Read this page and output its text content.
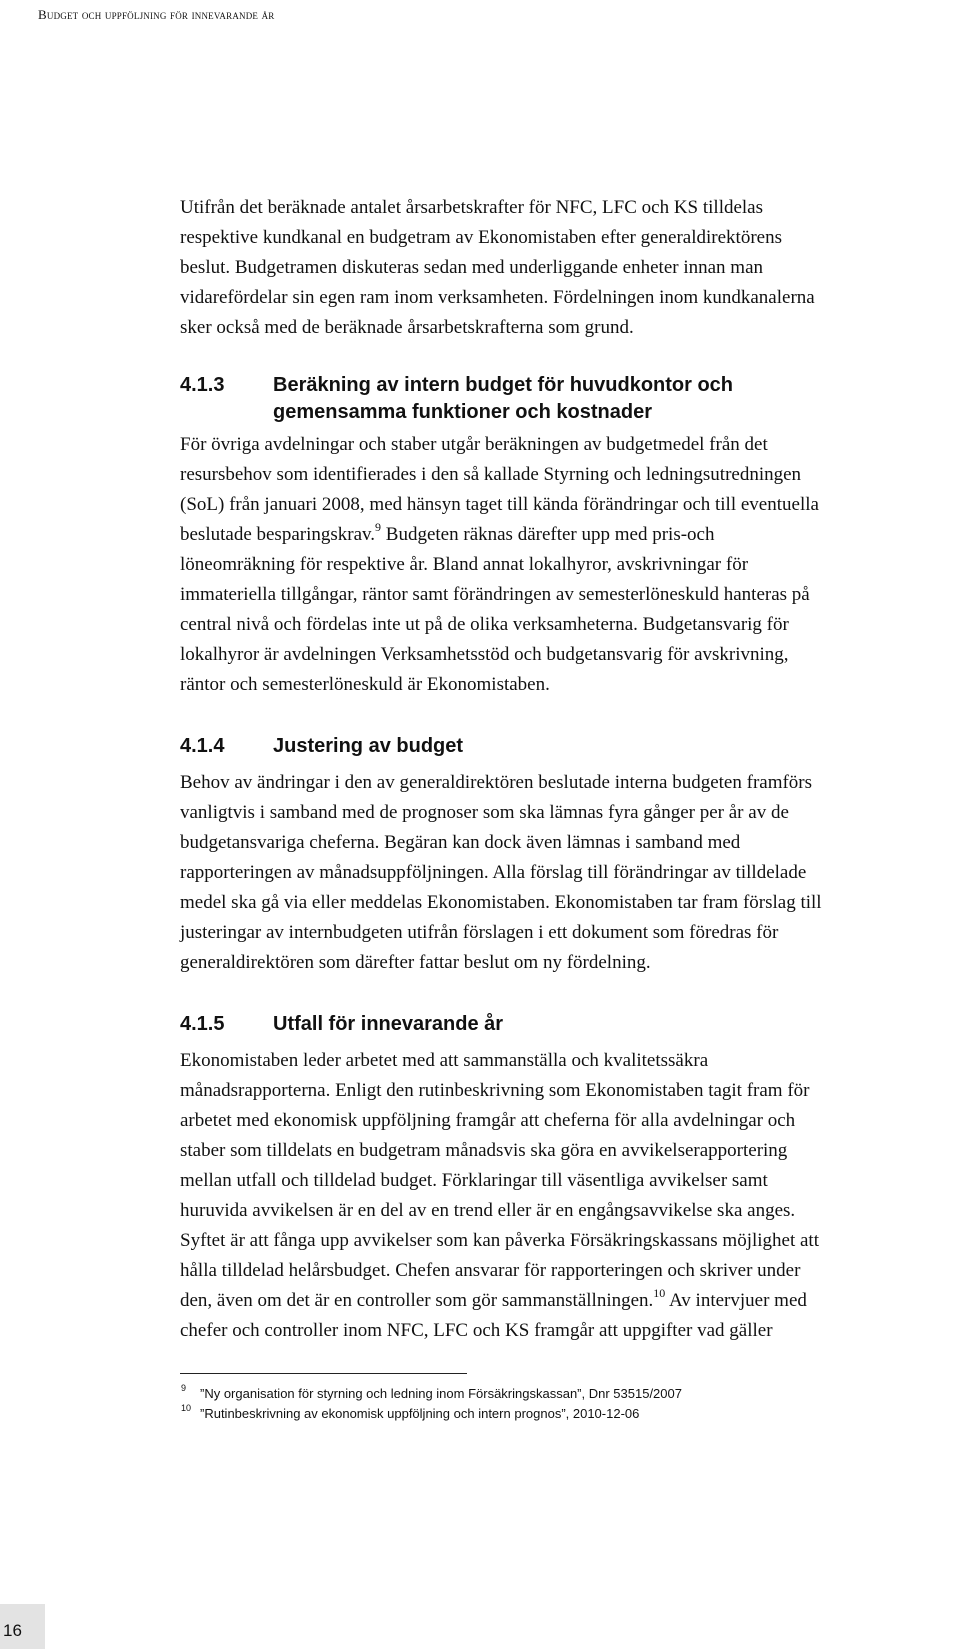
Budget och uppföljning för innevarande år

Utifrån det beräknade antalet årsarbetskrafter för NFC, LFC och KS tilldelas
respektive kundkanal en budgetram av Ekonomistaben efter generaldirektörens
beslut. Budgetramen diskuteras sedan med underliggande enheter innan man
vidarefördelar sin egen ram inom verksamheten. Fördelningen inom kundkanalerna
sker också med de beräknade årsarbetskrafterna som grund.

4.1.3 Beräkning av intern budget för huvudkontor och
gemensamma funktioner och kostnader

För övriga avdelningar och staber utgår beräkningen av budgetmedel från det
resursbehov som identifierades i den så kallade Styrning och ledningsutredningen
(SoL) från januari 2008, med hänsyn taget till kända förändringar och till eventuella
beslutade besparingskrav.$^9$ Budgeten räknas därefter upp med pris-och
löneomräkning för respektive år. Bland annat lokalhyror, avskrivningar för
immateriella tillgångar, räntor samt förändringen av semesterlöneskuld hanteras på
central nivå och fördelas inte ut på de olika verksamheterna. Budgetansvarig för
lokalhyror är avdelningen Verksamhetsstöd och budgetansvarig för avskrivning,
räntor och semesterlöneskuld är Ekonomistaben.

4.1.4 Justering av budget

Behov av ändringar i den av generaldirektören beslutade interna budgeten framförs
vanligtvis i samband med de prognoser som ska lämnas fyra gånger per år av de
budgetansvariga cheferna. Begäran kan dock även lämnas i samband med
rapporteringen av månadsuppföljningen. Alla förslag till förändringar av tilldelade
medel ska gå via eller meddelas Ekonomistaben. Ekonomistaben tar fram förslag till
justeringar av internbudgeten utifrån förslagen i ett dokument som föredras för
generaldirektören som därefter fattar beslut om ny fördelning.

4.1.5 Utfall för innevarande år

Ekonomistaben leder arbetet med att sammanställa och kvalitetssäkra
månadsrapporterna. Enligt den rutinbeskrivning som Ekonomistaben tagit fram för
arbetet med ekonomisk uppföljning framgår att cheferna för alla avdelningar och
staber som tilldelats en budgetram månadsvis ska göra en avvikelserapportering
mellan utfall och tilldelad budget. Förklaringar till väsentliga avvikelser samt
huruvida avvikelsen är en del av en trend eller är en engångsavvikelse ska anges.
Syftet är att fånga upp avvikelser som kan påverka Försäkringskassans möjlighet att
hålla tilldelad helårsbudget. Chefen ansvarar för rapporteringen och skriver under
den, även om det är en controller som gör sammanställningen.$^{10}$ Av intervjuer med
chefer och controller inom NFC, LFC och KS framgår att uppgifter vad gäller

9 ”Ny organisation för styrning och ledning inom Försäkringskassan”, Dnr 53515/2007
10 ”Rutinbeskrivning av ekonomisk uppföljning och intern prognos”, 2010-12-06
16
